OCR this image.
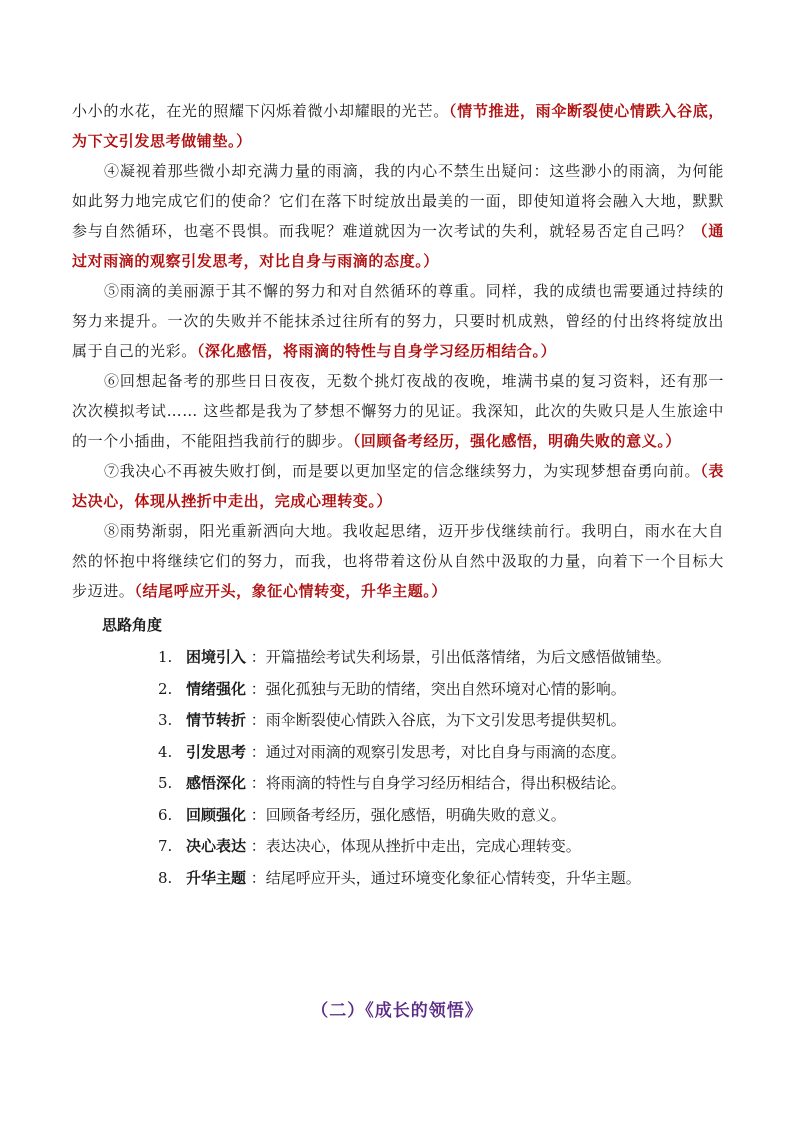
小小的水花，在光的照耀下闪烁着微小却耀眼的光芒。（情节推进，雨伞断裂使心情跌入谷底，为下文引发思考做铺垫。）

④凝视着那些微小却充满力量的雨滴，我的内心不禁生出疑问：这些渺小的雨滴，为何能如此努力地完成它们的使命？它们在落下时绽放出最美的一面，即使知道将会融入大地，默默参与自然循环，也毫不畏惧。而我呢？难道就因为一次考试的失利，就轻易否定自己吗？（通过对雨滴的观察引发思考，对比自身与雨滴的态度。）

⑤雨滴的美丽源于其不懈的努力和对自然循环的尊重。同样，我的成绩也需要通过持续的努力来提升。一次的失败并不能抹杀过往所有的努力，只要时机成熟，曾经的付出终将绽放出属于自己的光彩。（深化感悟，将雨滴的特性与自身学习经历相结合。）

⑥回想起备考的那些日日夜夜，无数个挑灯夜战的夜晚，堆满书桌的复习资料，还有那一次次模拟考试…… 这些都是我为了梦想不懈努力的见证。我深知，此次的失败只是人生旅途中的一个小插曲，不能阻挡我前行的脚步。（回顾备考经历，强化感悟，明确失败的意义。）

⑦我决心不再被失败打倒，而是要以更加坚定的信念继续努力，为实现梦想奋勇向前。（表达决心，体现从挫折中走出，完成心理转变。）

⑧雨势渐弱，阳光重新洒向大地。我收起思绪，迈开步伐继续前行。我明白，雨水在大自然的怀抱中将继续它们的努力，而我，也将带着这份从自然中汲取的力量，向着下一个目标大步迈进。（结尾呼应开头，象征心情转变，升华主题。）

思路角度
1. 困境引入 ：开篇描绘考试失利场景，引出低落情绪，为后文感悟做铺垫。
2. 情绪强化 ：强化孤独与无助的情绪，突出自然环境对心情的影响。
3. 情节转折 ：雨伞断裂使心情跌入谷底，为下文引发思考提供契机。
4. 引发思考 ：通过对雨滴的观察引发思考，对比自身与雨滴的态度。
5. 感悟深化 ：将雨滴的特性与自身学习经历相结合，得出积极结论。
6. 回顾强化 ：回顾备考经历，强化感悟，明确失败的意义。
7. 决心表达 ：表达决心，体现从挫折中走出，完成心理转变。
8. 升华主题 ：结尾呼应开头，通过环境变化象征心情转变，升华主题。
（二）《成长的领悟》
